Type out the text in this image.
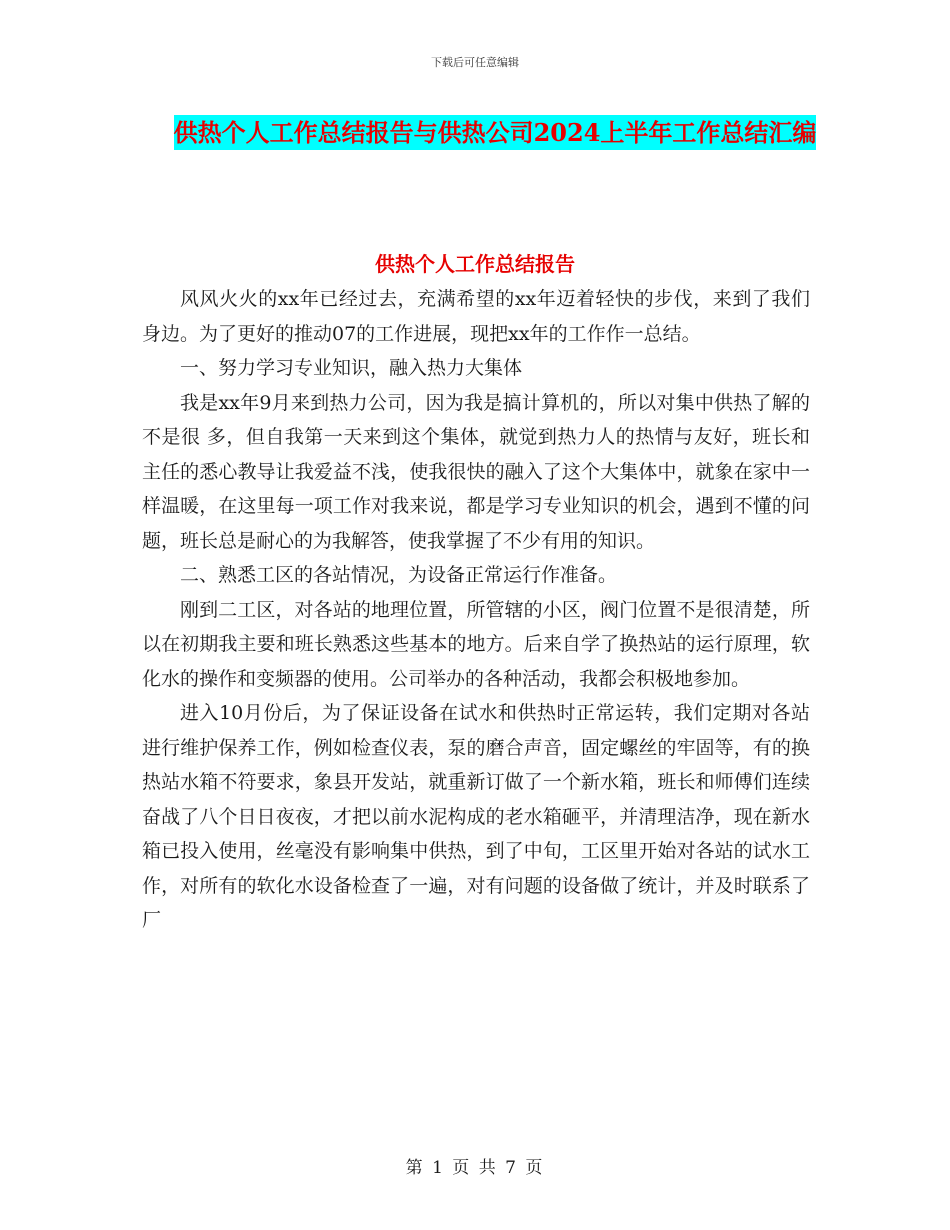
下载后可任意编辑
供热个人工作总结报告与供热公司2024上半年工作总结汇编
供热个人工作总结报告

风风火火的xx年已经过去，充满希望的xx年迈着轻快的步伐，来到了我们身边。为了更好的推动07的工作进展，现把xx年的工作作一总结。

一、努力学习专业知识，融入热力大集体

我是xx年9月来到热力公司，因为我是搞计算机的，所以对集中供热了解的不是很 多，但自我第一天来到这个集体，就觉到热力人的热情与友好，班长和主任的悉心教导让我爱益不浅，使我很快的融入了这个大集体中，就象在家中一样温暖，在这里每一项工作对我来说，都是学习专业知识的机会，遇到不懂的问题，班长总是耐心的为我解答，使我掌握了不少有用的知识。

二、熟悉工区的各站情况，为设备正常运行作准备。

刚到二工区，对各站的地理位置，所管辖的小区，阀门位置不是很清楚，所以在初期我主要和班长熟悉这些基本的地方。后来自学了换热站的运行原理，软化水的操作和变频器的使用。公司举办的各种活动，我都会积极地参加。

进入10月份后，为了保证设备在试水和供热时正常运转，我们定期对各站进行维护保养工作，例如检查仪表，泵的磨合声音，固定螺丝的牢固等，有的换热站水箱不符要求，象县开发站，就重新订做了一个新水箱，班长和师傅们连续奋战了八个日日夜夜，才把以前水泥构成的老水箱砸平，并清理洁净，现在新水箱已投入使用，丝毫没有影响集中供热，到了中旬，工区里开始对各站的试水工作，对所有的软化水设备检查了一遍，对有问题的设备做了统计，并及时联系了厂

第 1 页 共 7 页
